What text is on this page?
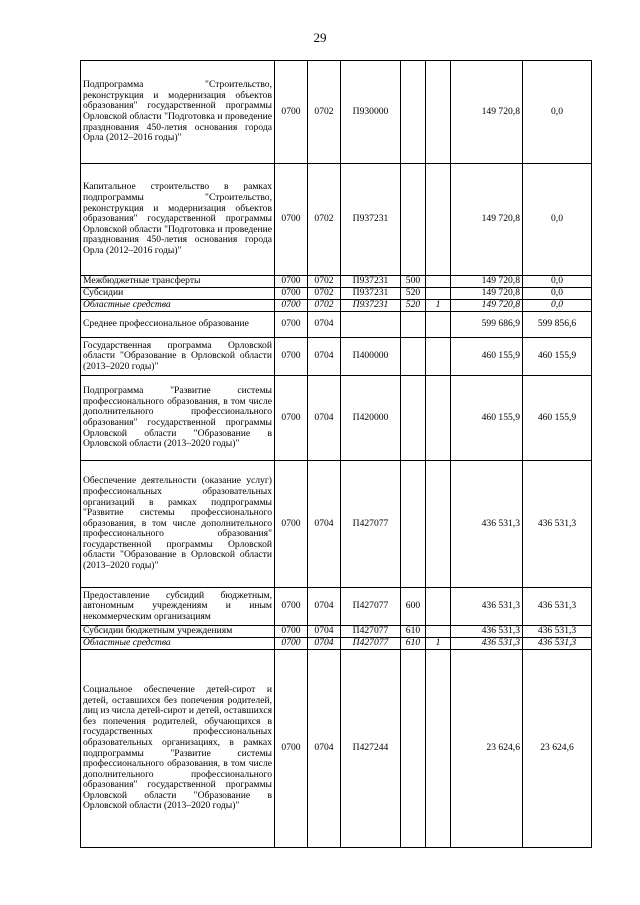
29
Подпрограмма "Строительство, реконструкция и модернизация объектов образования" государственной программы Орловской области "Подготовка и проведение празднования 450-летия основания города Орла (2012–2016 годы)"	0700	0702	П930000			149 720,8	0,0
Капитальное строительство в рамках подпрограммы "Строительство, реконструкция и модернизация объектов образования" государственной программы Орловской области "Подготовка и проведение празднования 450-летия основания города Орла (2012–2016 годы)"	0700	0702	П937231			149 720,8	0,0
Межбюджетные трансферты	0700	0702	П937231	500		149 720,8	0,0
Субсидии	0700	0702	П937231	520		149 720,8	0,0
Областные средства	0700	0702	П937231	520	1	149 720,8	0,0
Среднее профессиональное образование	0700	0704				599 686,9	599 856,6
Государственная программа Орловской области "Образование в Орловской области (2013–2020 годы)"	0700	0704	П400000			460 155,9	460 155,9
Подпрограмма "Развитие системы профессионального образования, в том числе дополнительного профессионального образования" государственной программы Орловской области "Образование в Орловской области (2013–2020 годы)"	0700	0704	П420000			460 155,9	460 155,9
Обеспечение деятельности (оказание услуг) профессиональных образовательных организаций в рамках подпрограммы "Развитие системы профессионального образования, в том числе дополнительного профессионального образования" государственной программы Орловской области "Образование в Орловской области (2013–2020 годы)"	0700	0704	П427077			436 531,3	436 531,3
Предоставление субсидий бюджетным, автономным учреждениям и иным некоммерческим организациям	0700	0704	П427077	600		436 531,3	436 531,3
Субсидии бюджетным учреждениям	0700	0704	П427077	610		436 531,3	436 531,3
Областные средства	0700	0704	П427077	610	1	436 531,3	436 531,3
Социальное обеспечение детей-сирот и детей, оставшихся без попечения родителей, лиц из числа детей-сирот и детей, оставшихся без попечения родителей, обучающихся в государственных профессиональных образовательных организациях, в рамках подпрограммы "Развитие системы профессионального образования, в том числе дополнительного профессионального образования" государственной программы Орловской области "Образование в Орловской области (2013–2020 годы)"	0700	0704	П427244			23 624,6	23 624,6
